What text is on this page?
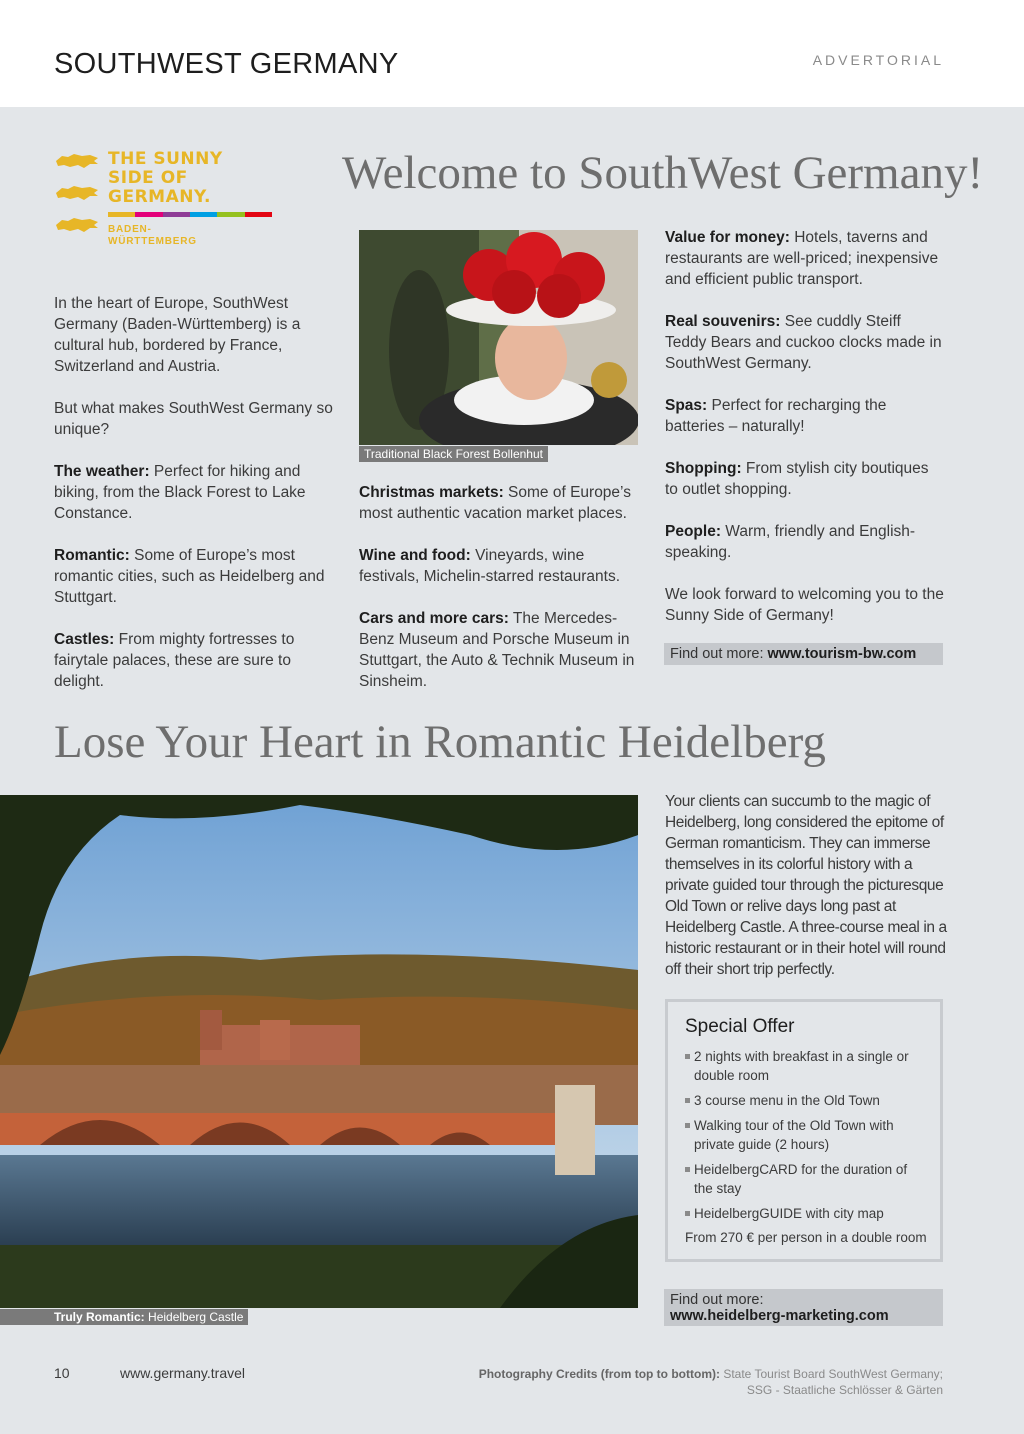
SOUTHWEST GERMANY	ADVERTORIAL

THE SUNNY
SIDE OF
GERMANY.
BADEN-
WÜRTTEMBERG
Welcome to SouthWest Germany!

In the heart of Europe, SouthWest Germany (Baden-Württemberg) is a cultural hub, bordered by France, Switzerland and Austria.

But what makes SouthWest Germany so unique?

The weather: Perfect for hiking and biking, from the Black Forest to Lake Constance.

Romantic: Some of Europe’s most romantic cities, such as Heidelberg and Stuttgart.

Castles: From mighty fortresses to fairytale palaces, these are sure to delight.

Traditional Black Forest Bollenhut

Christmas markets: Some of Europe’s most authentic vacation market places.

Wine and food: Vineyards, wine festivals, Michelin-starred restaurants.

Cars and more cars: The Mercedes-Benz Museum and Porsche Museum in Stuttgart, the Auto & Technik Museum in Sinsheim.

Value for money: Hotels, taverns and restaurants are well-priced; inexpensive and efficient public transport.

Real souvenirs: See cuddly Steiff Teddy Bears and cuckoo clocks made in SouthWest Germany.

Spas: Perfect for recharging the batteries – naturally!

Shopping: From stylish city boutiques to outlet shopping.

People: Warm, friendly and English-speaking.

We look forward to welcoming you to the Sunny Side of Germany!

Find out more: www.tourism-bw.com
Lose Your Heart in Romantic Heidelberg
Truly Romantic: Heidelberg Castle
Your clients can succumb to the magic of Heidelberg, long considered the epitome of German romanticism. They can immerse themselves in its colorful history with a private guided tour through the picturesque Old Town or relive days long past at Heidelberg Castle. A three-course meal in a historic restaurant or in their hotel will round off their short trip perfectly.
Special Offer
2 nights with breakfast in a single or double room
3 course menu in the Old Town
Walking tour of the Old Town with private guide (2 hours)
HeidelbergCARD for the duration of the stay
HeidelbergGUIDE with city map
From 270 € per person in a double room
Find out more:
www.heidelberg-marketing.com
10	www.germany.travel	Photography Credits (from top to bottom): State Tourist Board SouthWest Germany;
SSG - Staatliche Schlösser & Gärten
